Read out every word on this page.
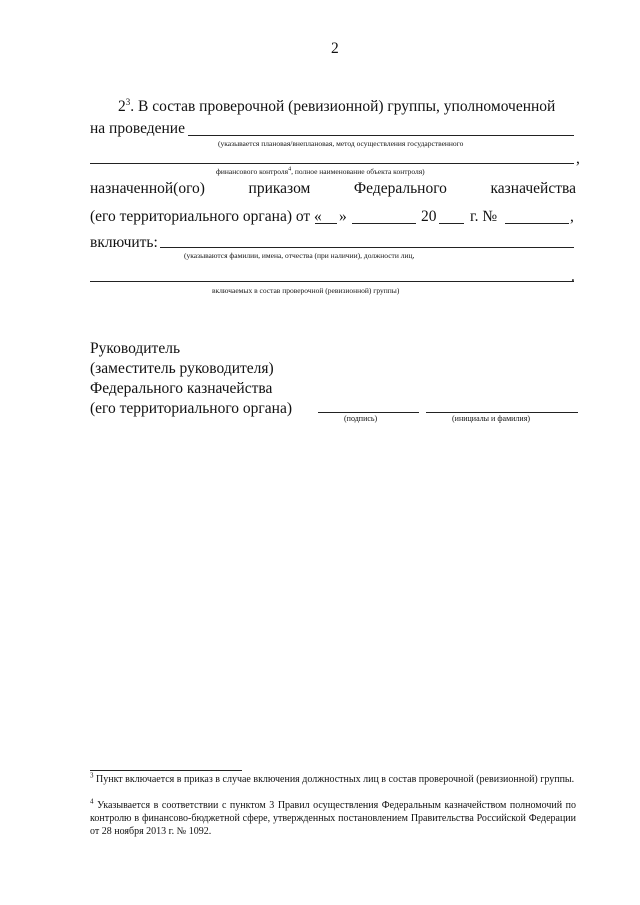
2
$2^3$. В состав проверочной (ревизионной) группы, уполномоченной
на проведение
(указывается плановая/внеплановая, метод осуществления государственного
,
финансового контроля$^4$, полное наименование объекта контроля)
назначенной(ого)	приказом	Федерального	казначейства
(его территориального органа) от « »	20 г. №	,
включить:
(указываются фамилии, имена, отчества (при наличии), должности лиц,
.
включаемых в состав проверочной (ревизионной) группы)
Руководитель
(заместитель руководителя)
Федерального казначейства
(его территориального органа)
(подпись)	(инициалы и фамилия)
$^3$ Пункт включается в приказ в случае включения должностных лиц в состав проверочной (ревизионной) группы.
$^4$ Указывается в соответствии с пунктом 3 Правил осуществления Федеральным казначейством полномочий по контролю в финансово-бюджетной сфере, утвержденных постановлением Правительства Российской Федерации от 28 ноября 2013 г. № 1092.
